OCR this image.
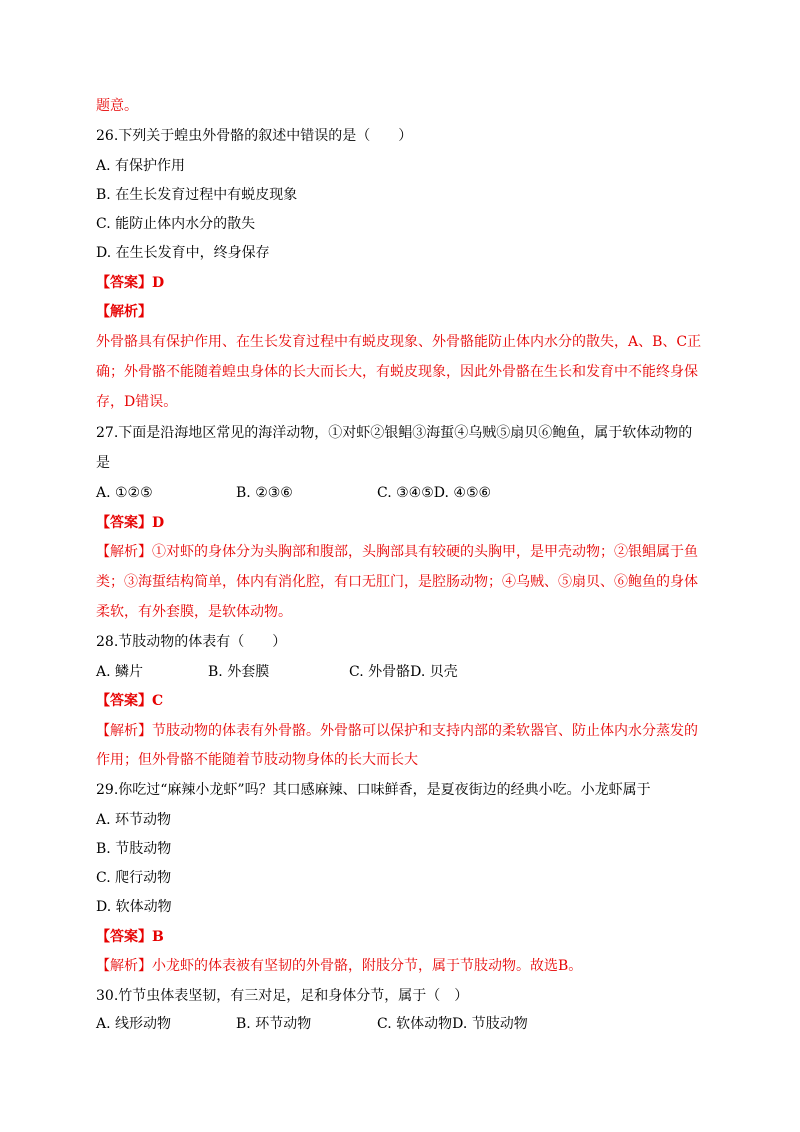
题意。
26.下列关于蝗虫外骨骼的叙述中错误的是（　　）
A. 有保护作用
B. 在生长发育过程中有蜕皮现象
C. 能防止体内水分的散失
D. 在生长发育中，终身保存
【答案】D
【解析】
外骨骼具有保护作用、在生长发育过程中有蜕皮现象、外骨骼能防止体内水分的散失，A、B、C正
确；外骨骼不能随着蝗虫身体的长大而长大，有蜕皮现象，因此外骨骼在生长和发育中不能终身保
存，D错误。
27.下面是沿海地区常见的海洋动物，①对虾②银鲳③海蜇④乌贼⑤扇贝⑥鲍鱼，属于软体动物的
是
A. ①②⑤	B. ②③⑥	C. ③④⑤D. ④⑤⑥
【答案】D
【解析】①对虾的身体分为头胸部和腹部，头胸部具有较硬的头胸甲，是甲壳动物；②银鲳属于鱼
类；③海蜇结构简单，体内有消化腔，有口无肛门，是腔肠动物；④乌贼、⑤扇贝、⑥鲍鱼的身体
柔软，有外套膜，是软体动物。
28.节肢动物的体表有（　　）
A. 鳞片	B. 外套膜	C. 外骨骼D. 贝壳
【答案】C
【解析】节肢动物的体表有外骨骼。外骨骼可以保护和支持内部的柔软器官、防止体内水分蒸发的
作用；但外骨骼不能随着节肢动物身体的长大而长大
29.你吃过“麻辣小龙虾”吗？其口感麻辣、口味鲜香，是夏夜街边的经典小吃。小龙虾属于
A. 环节动物
B. 节肢动物
C. 爬行动物
D. 软体动物
【答案】B
【解析】小龙虾的体表被有坚韧的外骨骼，附肢分节，属于节肢动物。故选B。
30.竹节虫体表坚韧，有三对足，足和身体分节，属于（　）
A. 线形动物	B. 环节动物	C. 软体动物D. 节肢动物
